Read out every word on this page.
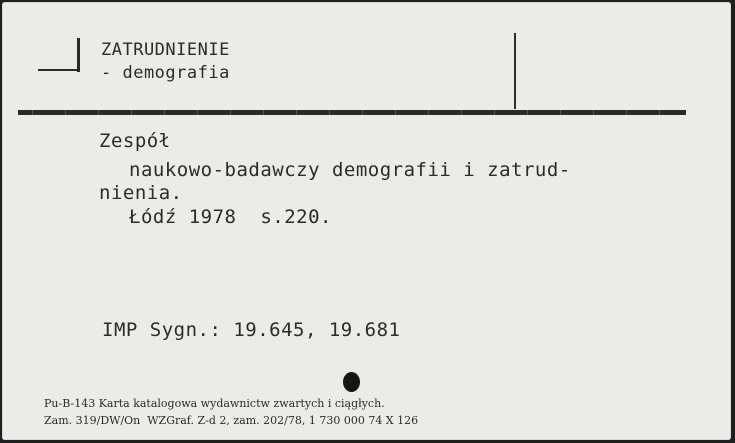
ZATRUDNIENIE
- demografia
Zespół
naukowo-badawczy demografii i zatrud-
nienia.
Łódź 1978  s.220.
IMP Sygn.: 19.645, 19.681
Pu-B-143 Karta katalogowa wydawnictw zwartych i ciągłych.
Zam. 319/DW/On  WZGraf. Z-d 2, zam. 202/78, 1 730 000 74 X 126
